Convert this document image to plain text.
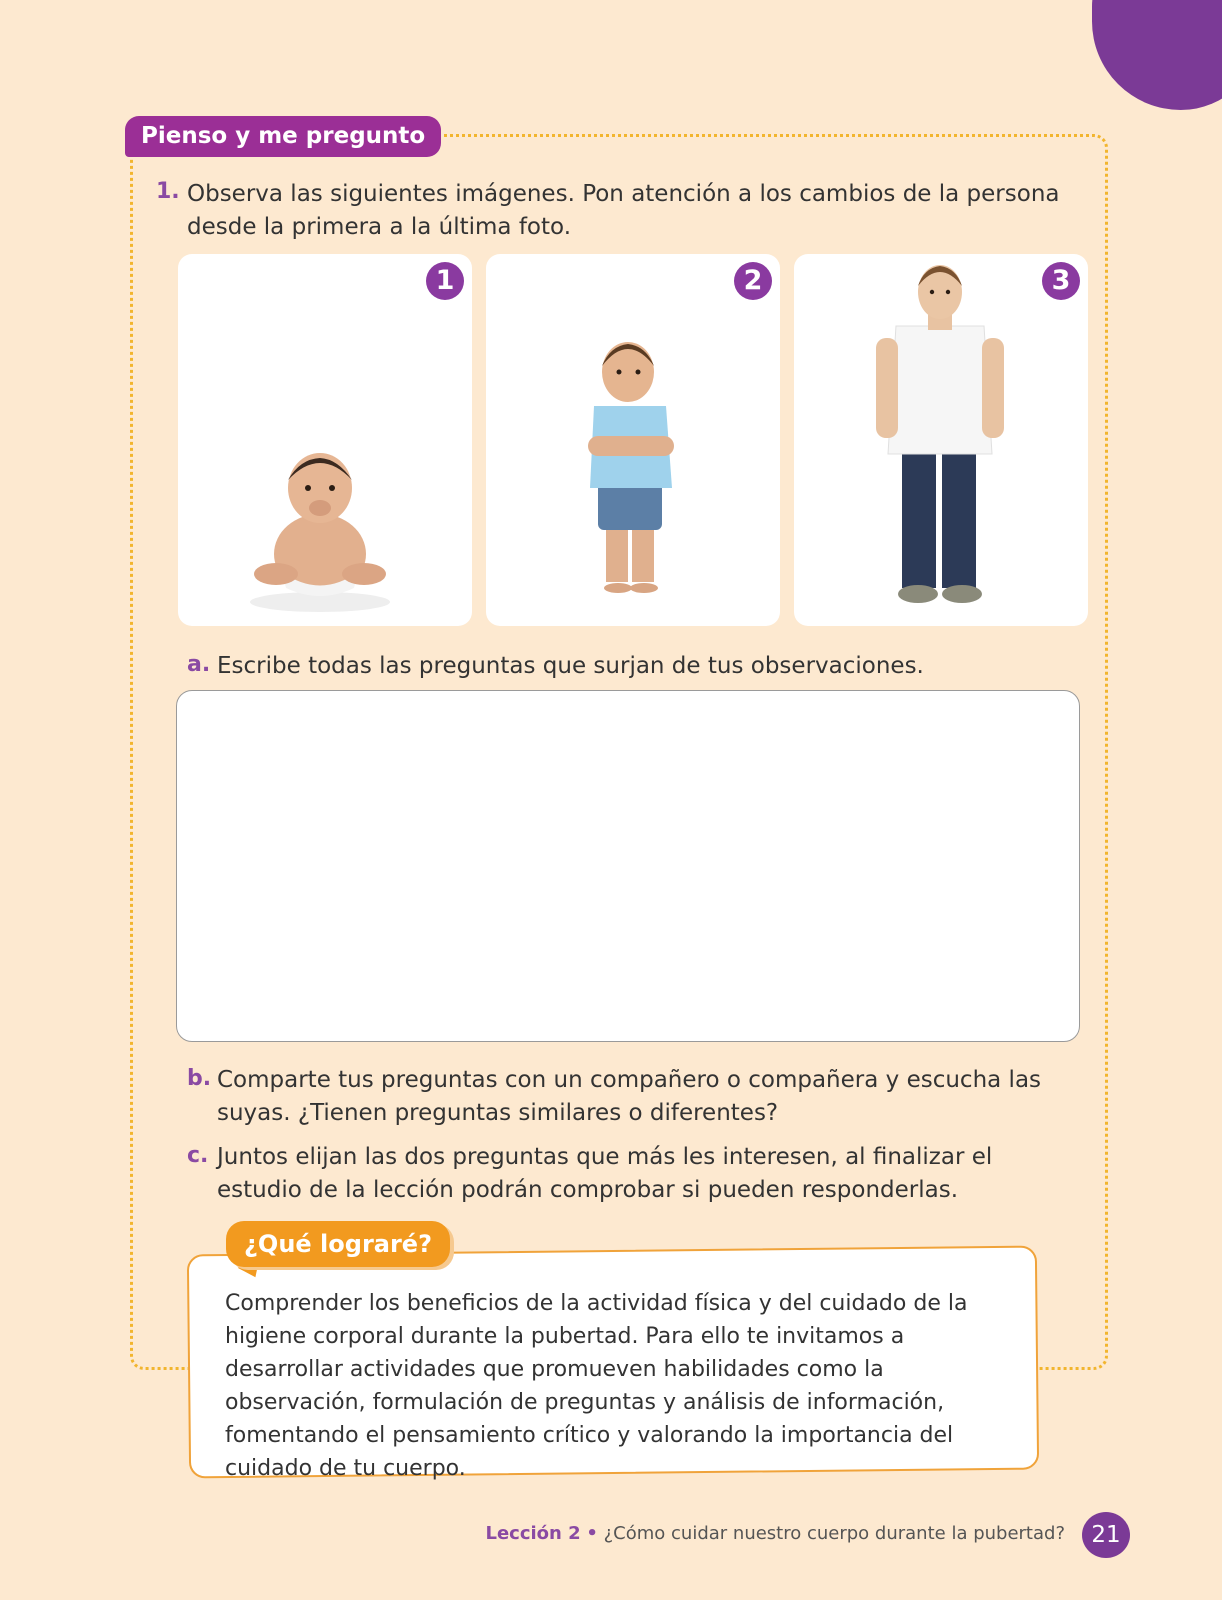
Pienso y me pregunto
1. Observa las siguientes imágenes. Pon atención a los cambios de la persona desde la primera a la última foto.
1	2	3
a. Escribe todas las preguntas que surjan de tus observaciones.
b. Comparte tus preguntas con un compañero o compañera y escucha las suyas. ¿Tienen preguntas similares o diferentes?
c. Juntos elijan las dos preguntas que más les interesen, al finalizar el estudio de la lección podrán comprobar si pueden responderlas.
¿Qué lograré?
Comprender los beneficios de la actividad física y del cuidado de la higiene corporal durante la pubertad. Para ello te invitamos a desarrollar actividades que promueven habilidades como la observación, formulación de preguntas y análisis de información, fomentando el pensamiento crítico y valorando la importancia del cuidado de tu cuerpo.
Lección 2 • ¿Cómo cuidar nuestro cuerpo durante la pubertad?	21
